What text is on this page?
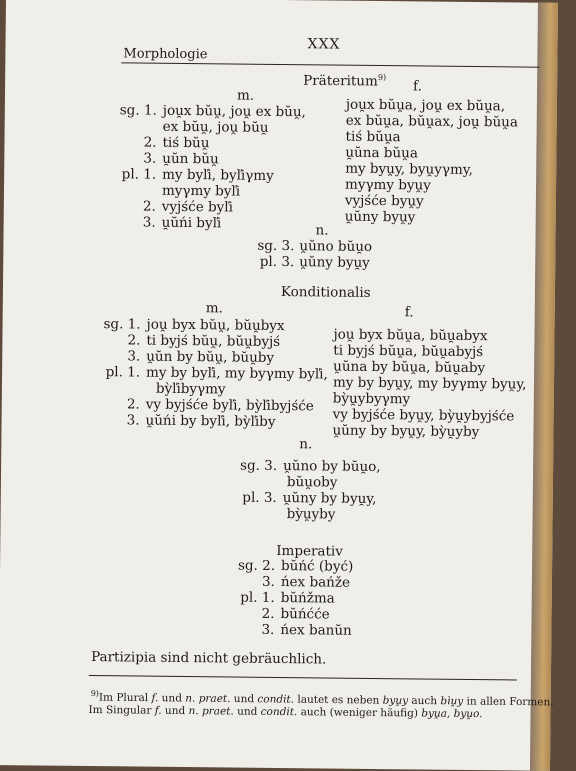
Morphologie
XXX
Präteritum$^{9)}$
m.
f.
sg. 1. jou̯x bŭu̯, jou̯ ex bŭu̯,
ex bŭu̯, jou̯ bŭu̯
2. tiś bŭu̯
3. u̯ŭn bŭu̯
pl. 1. my byľi, byľiγmy
myγmy byľi
2. vyjśće byľi
3. u̯ŭńi byľi
jou̯x bŭu̯a, jou̯ ex bŭu̯a,
ex bŭu̯a, bŭu̯ax, jou̯ bŭu̯a
tiś bŭu̯a
u̯ŭna bŭu̯a
my byu̯y, byu̯yγmy,
myγmy byu̯y
vyjśće byu̯y
u̯ŭny byu̯y
n.
sg. 3. u̯ŭno bŭu̯o
pl. 3. u̯ŭny byu̯y
Konditionalis
m.	f.
sg. 1. jou̯ byx bŭu̯, bŭu̯byx
2. ti byjś bŭu̯, bŭu̯byjś
3. u̯ŭn by bŭu̯, bŭu̯by
pl. 1. my by byľi, my byγmy byľi,
bỳľibyγmy
2. vy byjśće byľi, bỳľibyjśće
3. u̯ŭńi by byľi, bỳľiby
jou̯ byx bŭu̯a, bŭu̯abyx
ti byjś bŭu̯a, bŭu̯abyjś
u̯ŭna by bŭu̯a, bŭu̯aby
my by byu̯y, my byγmy byu̯y,
bỳu̯ybyγmy
vy byjśće byu̯y, bỳu̯ybyjśće
u̯ŭny by byu̯y, bỳu̯yby
n.
sg. 3. u̯ŭno by bŭu̯o,
bŭu̯oby
pl. 3. u̯ŭny by byu̯y,
bỳu̯yby
Imperativ
sg. 2. bŭńć (być)
3. ńex bańže
pl. 1. bŭńžma
2. bŭńćće
3. ńex banŭn
Partizipia sind nicht gebräuchlich.
$^{9)}$Im Plural f. und n. praet. und condit. lautet es neben byu̯y auch bìu̯y in allen Formen.
Im Singular f. und n. praet. und condit. auch (weniger häufig) byu̯a, byu̯o.
